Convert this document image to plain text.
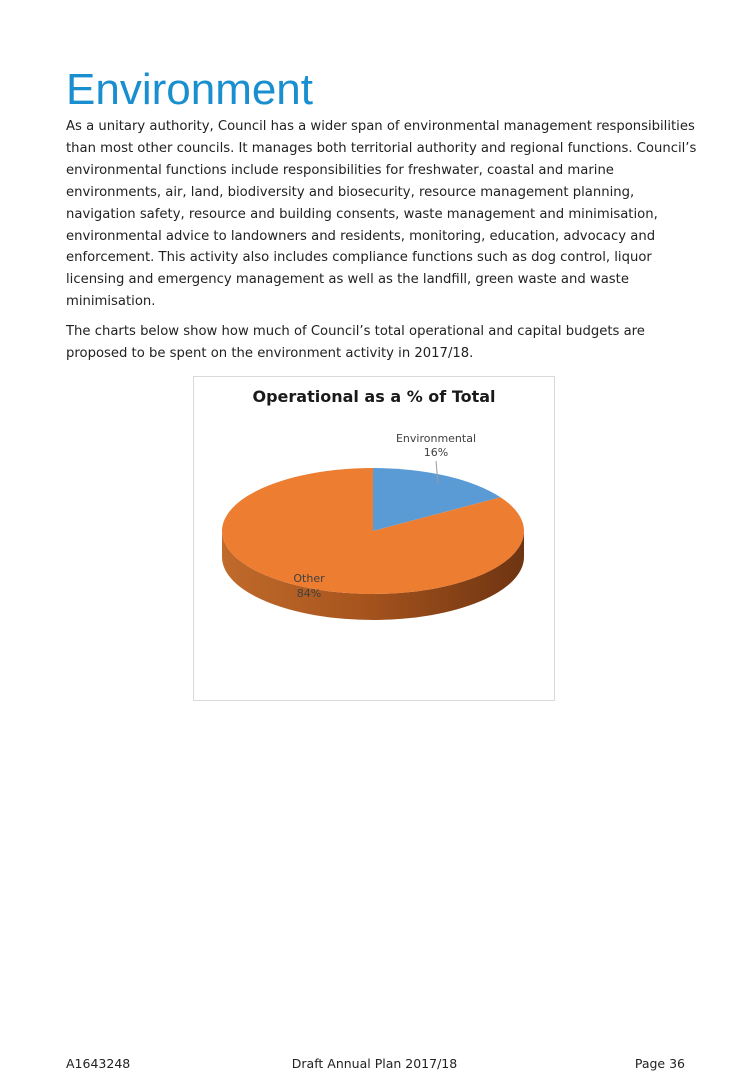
Environment

As a unitary authority, Council has a wider span of environmental management responsibilities than most other councils. It manages both territorial authority and regional functions. Council’s environmental functions include responsibilities for freshwater, coastal and marine environments, air, land, biodiversity and biosecurity, resource management planning, navigation safety, resource and building consents, waste management and minimisation, environmental advice to landowners and residents, monitoring, education, advocacy and enforcement. This activity also includes compliance functions such as dog control, liquor licensing and emergency management as well as the landfill, green waste and waste minimisation.

The charts below show how much of Council’s total operational and capital budgets are proposed to be spent on the environment activity in 2017/18.

Operational as a % of Total
Environmental
16%
Other
84%
A1643248	Draft Annual Plan 2017/18	Page 36
